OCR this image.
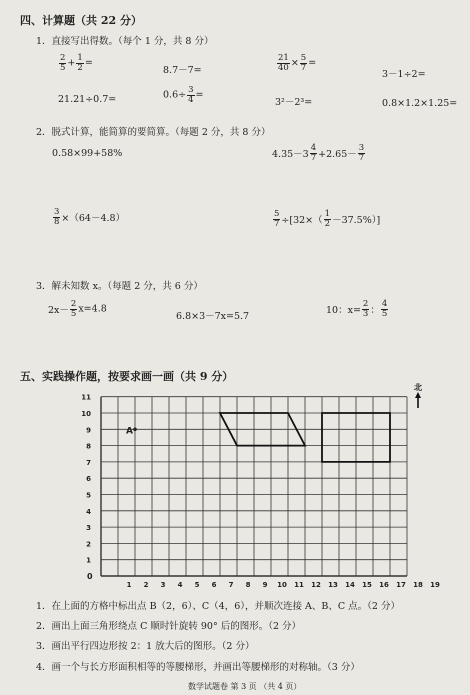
四、计算题（共 22 分）
1．直接写出得数。（每个 1 分，共 8 分）
$\frac{2}{5} + \frac{1}{2}$ =
8.7－7=	$\frac{21}{40} \times \frac{5}{7}$ =
3－1÷2=
21.21÷0.7=	$0.6\div \frac{3}{4}$ =
3²－2³=	0.8×1.2×1.25=
2．脱式计算，能简算的要简算。（每题 2 分，共 8 分）
0.58×99+58%	$4.35-3 \frac{4}{7} +2.65- \frac{3}{7}$
$\frac{3}{8} \times(64-4.8)$	$\frac{5}{7} \div[32\times( \frac{1}{2} -37.5\%)]$
3．解未知数 x。（每题 2 分，共 6 分）
$2x- \frac{2}{5} x=4.8$
6.8×3－7x=5.7
10：$x= \frac{2}{3}$ ： $\frac{4}{5}$
五、实践操作题，按要求画一画（共 9 分）
0
1 2 3 4 5 6 7 8 9 10 11 12 13 14 15 16 17 18 19
1
2
3
4
5
6
7
8
9
10
11
A
北
1．在上面的方格中标出点 B（2，6）、C（4，6），并顺次连接 A、B、C 点。（2 分）
2．画出上面三角形绕点 C 顺时针旋转 90° 后的图形。（2 分）
3．画出平行四边形按 2：1 放大后的图形。（2 分）
4．画一个与长方形面积相等的等腰梯形，并画出等腰梯形的对称轴。（3 分）
数学试题卷 第 3 页 （共 4 页）
